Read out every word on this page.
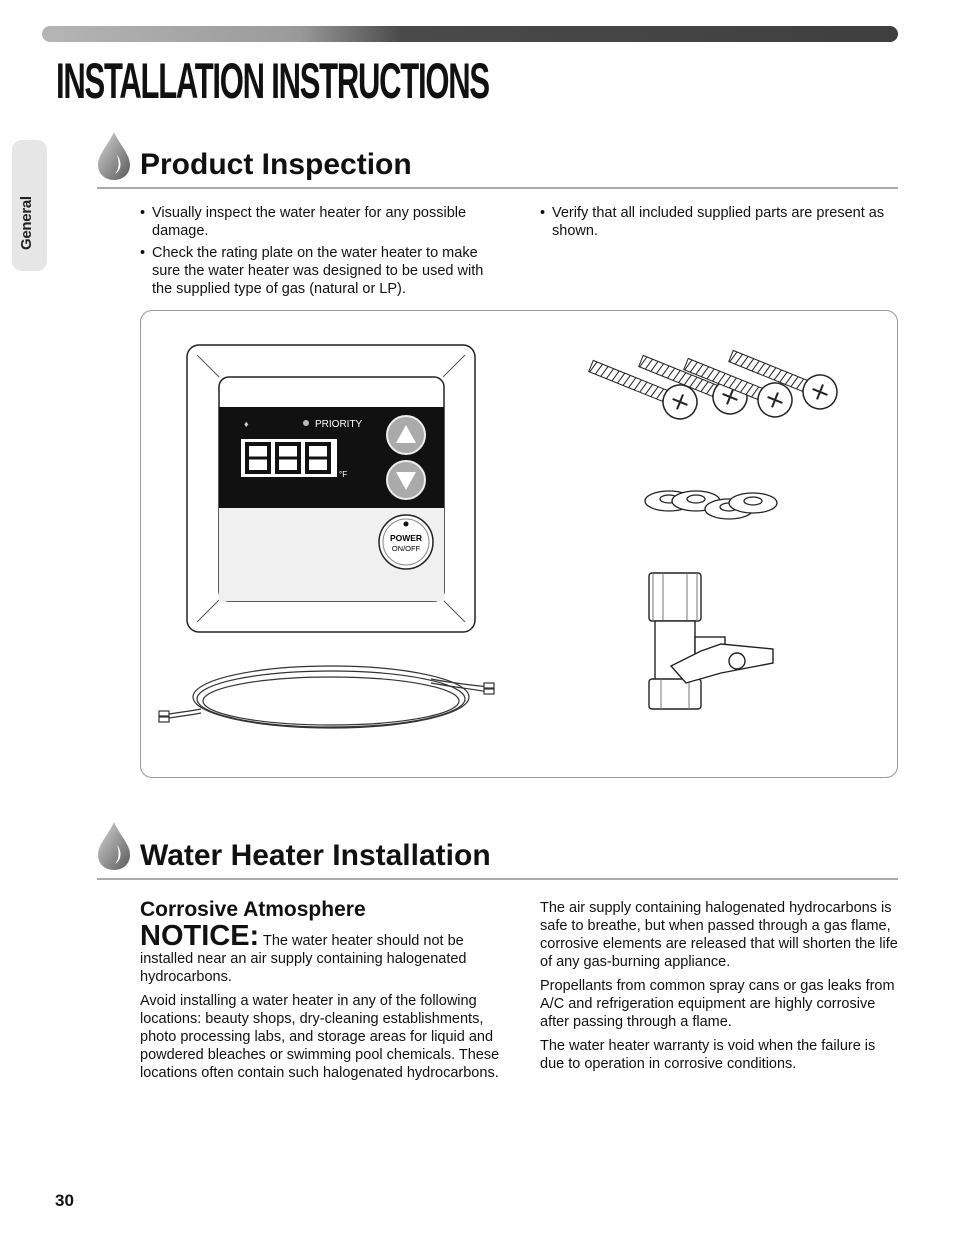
INSTALLATION INSTRUCTIONS
General
Product Inspection
• Visually inspect the water heater for any possible damage.
• Check the rating plate on the water heater to make sure the water heater was designed to be used with the supplied type of gas (natural or LP).
• Verify that all included supplied parts are present as shown.
♦	PRIORITY
°F
POWER
ON/OFF
Water Heater Installation
Corrosive Atmosphere

NOTICE: The water heater should not be installed near an air supply containing halogenated hydrocarbons.

Avoid installing a water heater in any of the following locations: beauty shops, dry-cleaning establishments, photo processing labs, and storage areas for liquid and powdered bleaches or swimming pool chemicals. These locations often contain such halogenated hydrocarbons.

The air supply containing halogenated hydrocarbons is safe to breathe, but when passed through a gas flame, corrosive elements are released that will shorten the life of any gas-burning appliance.

Propellants from common spray cans or gas leaks from A/C and refrigeration equipment are highly corrosive after passing through a flame.

The water heater warranty is void when the failure is due to operation in corrosive conditions.

30
